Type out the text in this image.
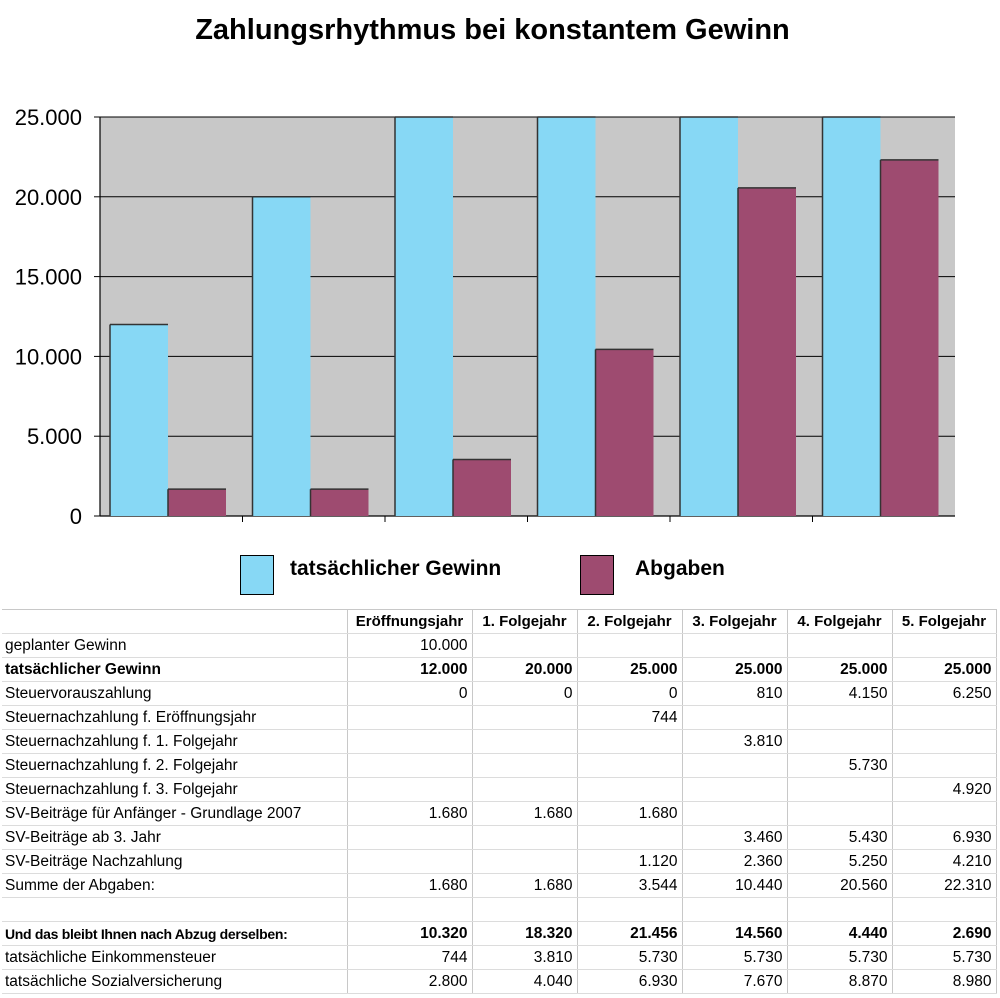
Zahlungsrhythmus bei konstantem Gewinn
0
5.000
10.000
15.000
20.000
25.000
tatsächlicher Gewinn	Abgaben
	Eröffnungsjahr	1. Folgejahr	2. Folgejahr	3. Folgejahr	4. Folgejahr	5. Folgejahr
geplanter Gewinn	10.000					
tatsächlicher Gewinn	12.000	20.000	25.000	25.000	25.000	25.000
Steuervorauszahlung	0	0	0	810	4.150	6.250
Steuernachzahlung f. Eröffnungsjahr			744			
Steuernachzahlung f. 1. Folgejahr				3.810		
Steuernachzahlung f. 2. Folgejahr					5.730	
Steuernachzahlung f. 3. Folgejahr						4.920
SV-Beiträge für Anfänger - Grundlage 2007	1.680	1.680	1.680			
SV-Beiträge ab 3. Jahr				3.460	5.430	6.930
SV-Beiträge Nachzahlung			1.120	2.360	5.250	4.210
Summe der Abgaben:	1.680	1.680	3.544	10.440	20.560	22.310

Und das bleibt Ihnen nach Abzug derselben:	10.320	18.320	21.456	14.560	4.440	2.690
tatsächliche Einkommensteuer	744	3.810	5.730	5.730	5.730	5.730
tatsächliche Sozialversicherung	2.800	4.040	6.930	7.670	8.870	8.980
